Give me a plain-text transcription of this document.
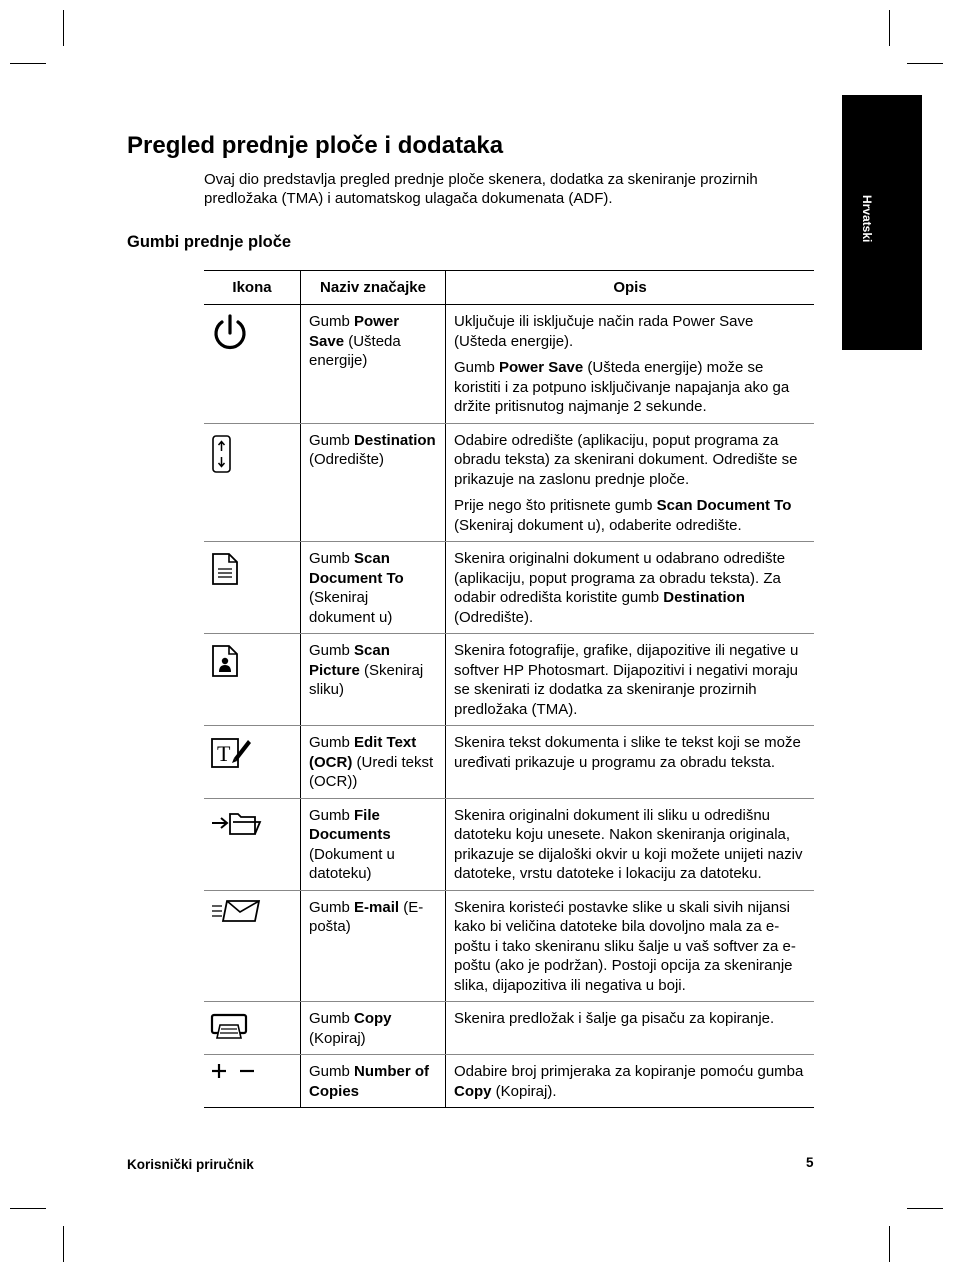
Hrvatski
Pregled prednje ploče i dodataka

Ovaj dio predstavlja pregled prednje ploče skenera, dodatka za skeniranje prozirnih predložaka (TMA) i automatskog ulagača dokumenata (ADF).

Gumbi prednje ploče
Ikona	Naziv značajke	Opis

	Gumb Power Save (Ušteda energije)	Uključuje ili isključuje način rada Power Save (Ušteda energije).

Gumb Power Save (Ušteda energije) može se koristiti i za potpuno isključivanje napajanja ako ga držite pritisnutog najmanje 2 sekunde.

	Gumb Destination (Odredište)	Odabire odredište (aplikaciju, poput programa za obradu teksta) za skenirani dokument. Odredište se prikazuje na zaslonu prednje ploče.

Prije nego što pritisnete gumb Scan Document To (Skeniraj dokument u), odaberite odredište.

	Gumb Scan Document To (Skeniraj dokument u)	Skenira originalni dokument u odabrano odredište (aplikaciju, poput programa za obradu teksta). Za odabir odredišta koristite gumb Destination (Odredište).

	Gumb Scan Picture (Skeniraj sliku)	Skenira fotografije, grafike, dijapozitive ili negative u softver HP Photosmart. Dijapozitivi i negativi moraju se skenirati iz dodatka za skeniranje prozirnih predložaka (TMA).

T	Gumb Edit Text (OCR) (Uredi tekst (OCR))	Skenira tekst dokumenta i slike te tekst koji se može uređivati prikazuje u programu za obradu teksta.

	Gumb File Documents (Dokument u datoteku)	Skenira originalni dokument ili sliku u odredišnu datoteku koju unesete. Nakon skeniranja originala, prikazuje se dijaloški okvir u koji možete unijeti naziv datoteke, vrstu datoteke i lokaciju za datoteku.

	Gumb E-mail (E-pošta)	Skenira koristeći postavke slike u skali sivih nijansi kako bi veličina datoteke bila dovoljno mala za e-poštu i tako skeniranu sliku šalje u vaš softver za e-poštu (ako je podržan). Postoji opcija za skeniranje slika, dijapozitiva ili negativa u boji.

	Gumb Copy (Kopiraj)	Skenira predložak i šalje ga pisaču za kopiranje.

	Gumb Number of Copies	Odabire broj primjeraka za kopiranje pomoću gumba Copy (Kopiraj).

Korisnički priručnik	5
